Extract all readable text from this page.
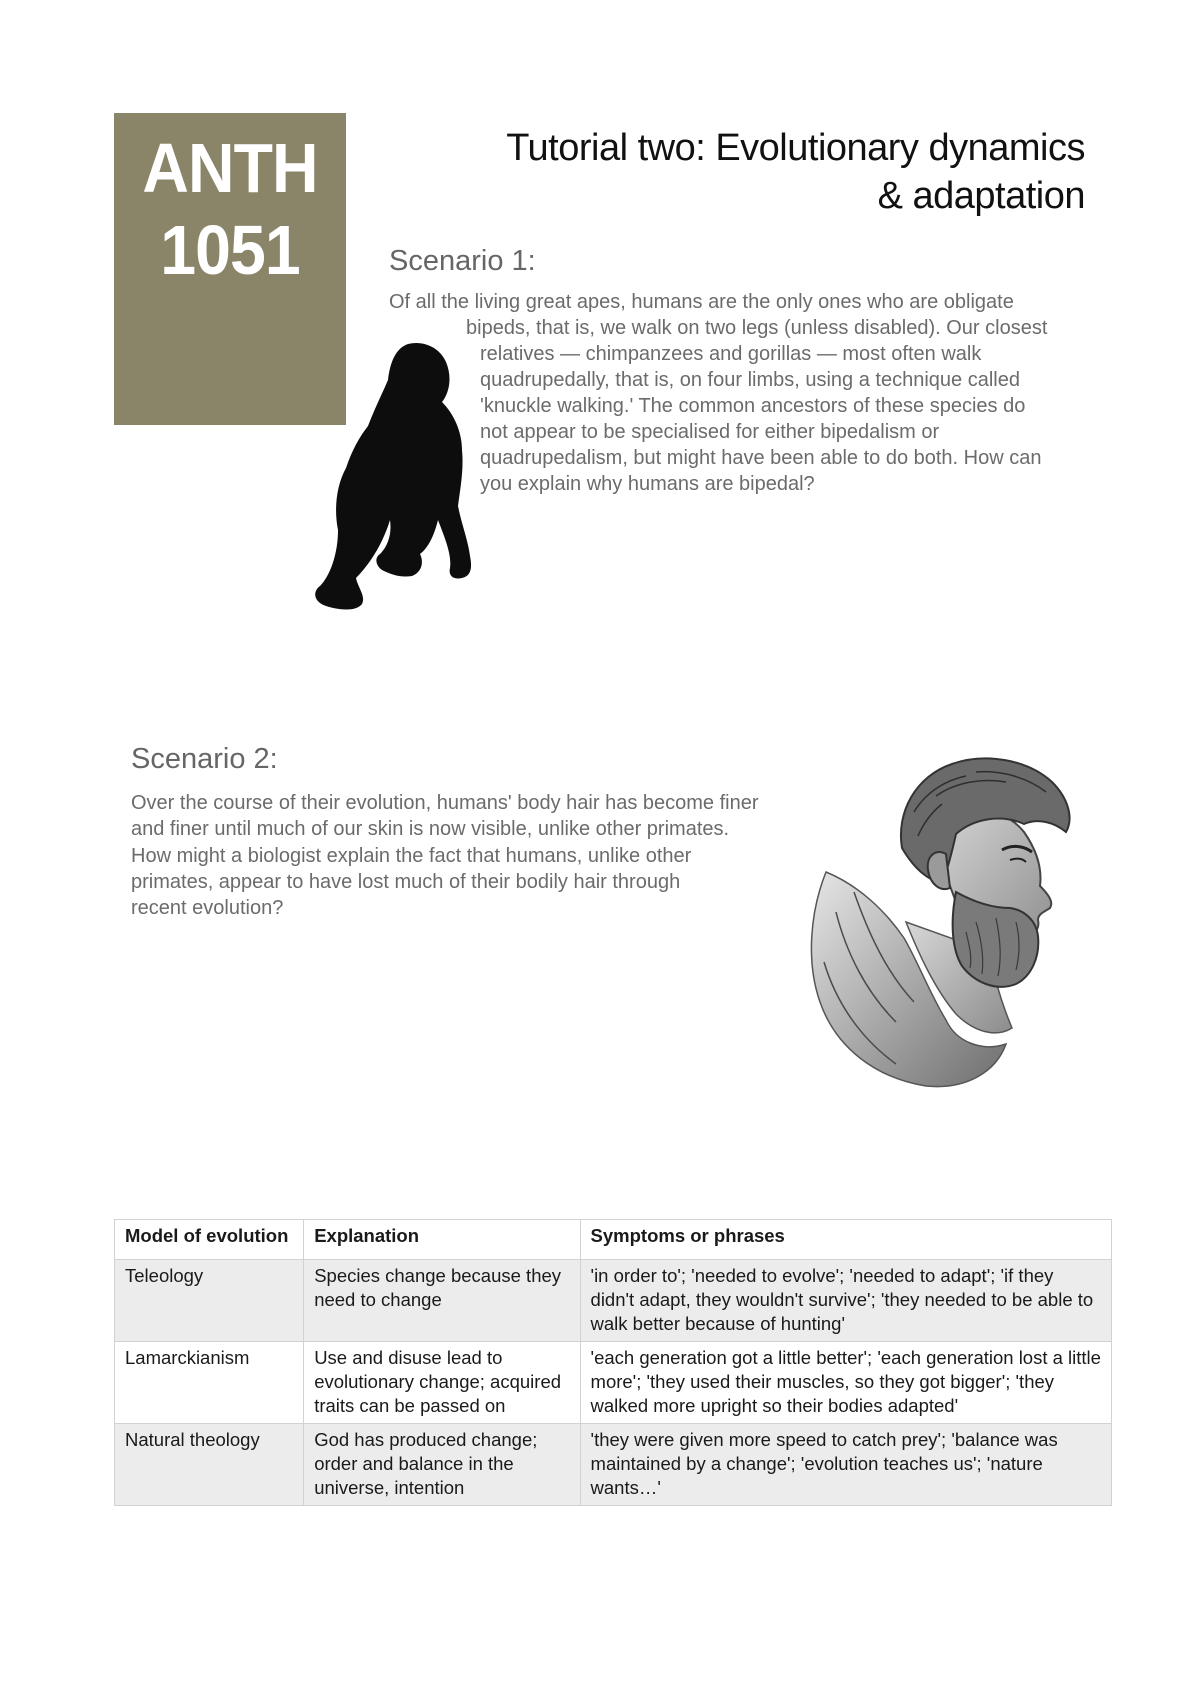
ANTH
1051
Tutorial two: Evolutionary dynamics
& adaptation
Scenario 1:
Of all the living great apes, humans are the only ones who are obligate
bipeds, that is, we walk on two legs (unless disabled). Our closest
relatives — chimpanzees and gorillas — most often walk
quadrupedally, that is, on four limbs, using a technique called
'knuckle walking.' The common ancestors of these species do
not appear to be specialised for either bipedalism or
quadrupedalism, but might have been able to do both. How can
you explain why humans are bipedal?
Scenario 2:
Over the course of their evolution, humans' body hair has become finer
and finer until much of our skin is now visible, unlike other primates.
How might a biologist explain the fact that humans, unlike other
primates, appear to have lost much of their bodily hair through
recent evolution?
Model of evolution	Explanation	Symptoms or phrases
Teleology	Species change because they need to change	'in order to'; 'needed to evolve'; 'needed to adapt'; 'if they didn't adapt, they wouldn't survive'; 'they needed to be able to walk better because of hunting'
Lamarckianism	Use and disuse lead to evolutionary change; acquired traits can be passed on	'each generation got a little better'; 'each generation lost a little more'; 'they used their muscles, so they got bigger'; 'they walked more upright so their bodies adapted'
Natural theology	God has produced change; order and balance in the universe, intention	'they were given more speed to catch prey'; 'balance was maintained by a change'; 'evolution teaches us'; 'nature wants…'
